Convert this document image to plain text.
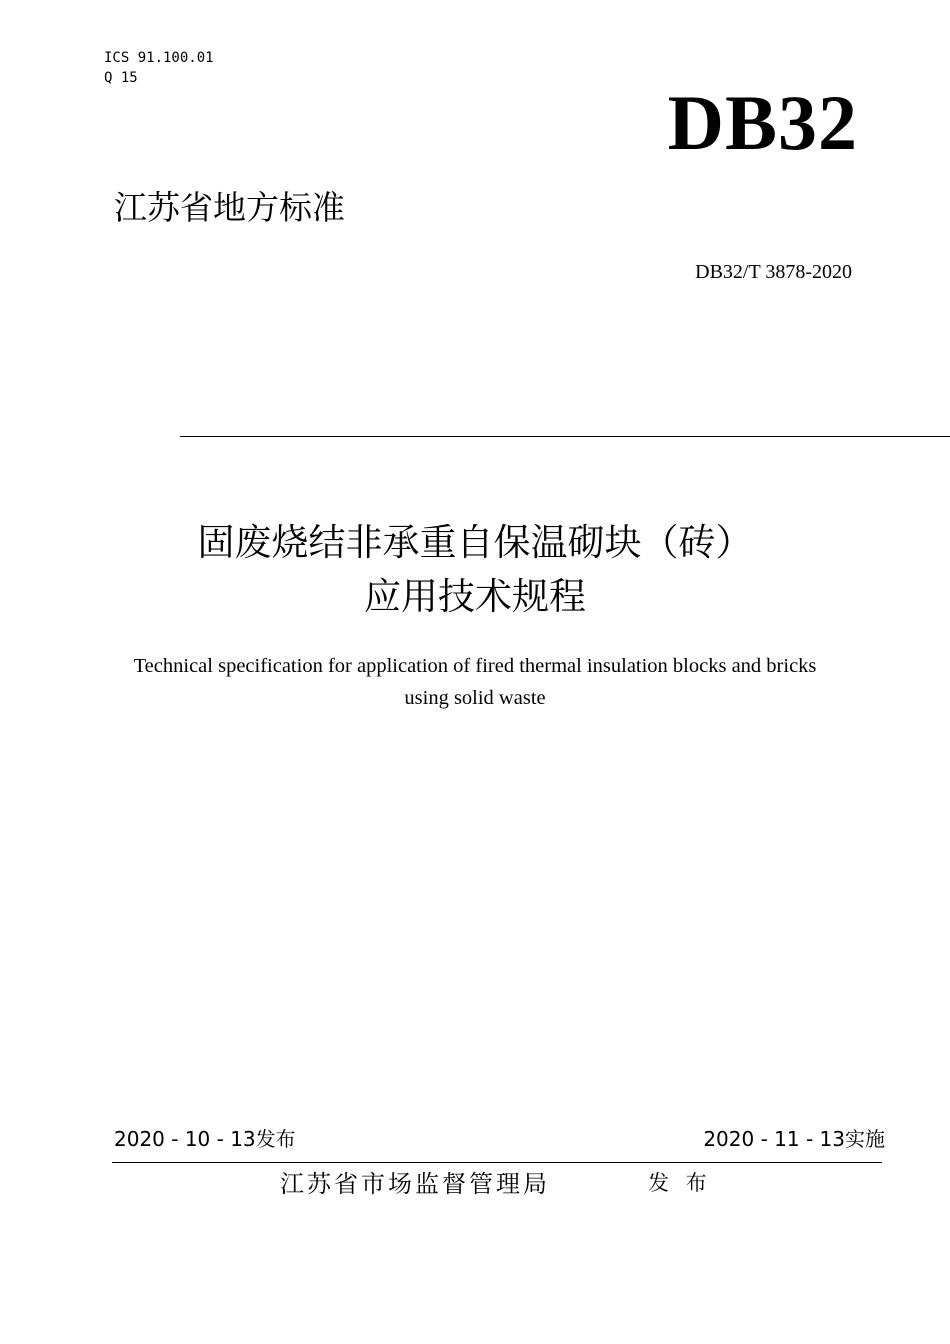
ICS 91.100.01
Q 15
DB32
江苏省地方标准
DB32/T 3878-2020
固废烧结非承重自保温砌块（砖）
应用技术规程
Technical specification for application of fired thermal insulation blocks and bricks
using solid waste
2020 - 10 - 13发布	2020 - 11 - 13实施
江苏省市场监督管理局	发 布
